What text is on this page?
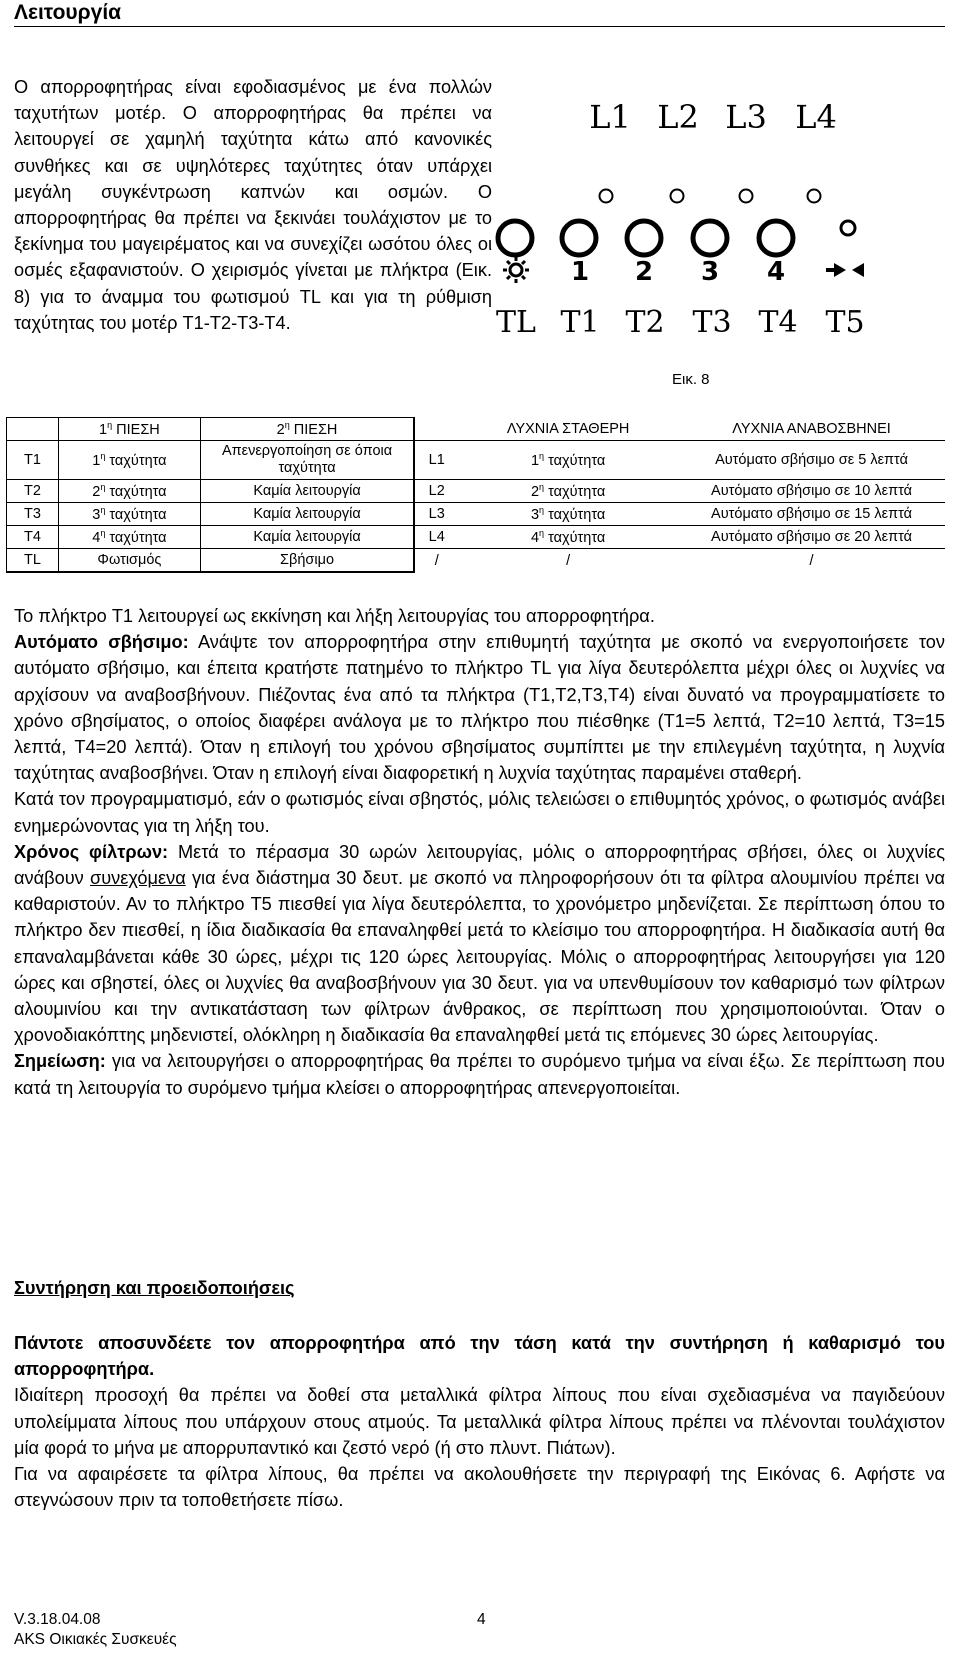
Λειτουργία
Ο απορροφητήρας είναι εφοδιασμένος με ένα πολλών ταχυτήτων μοτέρ. Ο απορροφητήρας θα πρέπει να λειτουργεί σε χαμηλή ταχύτητα κάτω από κανονικές συνθήκες και σε υψηλότερες ταχύτητες όταν υπάρχει μεγάλη συγκέντρωση καπνών και οσμών. Ο απορροφητήρας θα πρέπει να ξεκινάει τουλάχιστον με το ξεκίνημα του μαγειρέματος και να συνεχίζει ωσότου όλες οι οσμές εξαφανιστούν. Ο χειρισμός γίνεται με πλήκτρα (Εικ. 8) για το άναμμα του φωτισμού TL και για τη ρύθμιση ταχύτητας του μοτέρ T1-T2-T3-T4.
L1 L2 L3 L4
1 2 3 4
TL T1 T2 T3 T4 T5
Εικ. 8
	$1^\eta$ ΠΙΕΣΗ	$2^\eta$ ΠΙΕΣΗ		ΛΥΧΝΙΑ ΣΤΑΘΕΡΗ	ΛΥΧΝΙΑ ΑΝΑΒΟΣΒΗΝΕΙ
T1	$1^\eta$ ταχύτητα	Απενεργοποίηση σε όποια ταχύτητα	L1	$1^\eta$ ταχύτητα	Αυτόματο σβήσιμο σε 5 λεπτά
T2	$2^\eta$ ταχύτητα	Καμία λειτουργία	L2	$2^\eta$ ταχύτητα	Αυτόματο σβήσιμο σε 10 λεπτά
T3	$3^\eta$ ταχύτητα	Καμία λειτουργία	L3	$3^\eta$ ταχύτητα	Αυτόματο σβήσιμο σε 15 λεπτά
T4	$4^\eta$ ταχύτητα	Καμία λειτουργία	L4	$4^\eta$ ταχύτητα	Αυτόματο σβήσιμο σε 20 λεπτά
TL	Φωτισμός	Σβήσιμο	/	/	/

Το πλήκτρο T1 λειτουργεί ως εκκίνηση και λήξη λειτουργίας του απορροφητήρα.

Αυτόματο σβήσιμο: Ανάψτε τον απορροφητήρα στην επιθυμητή ταχύτητα με σκοπό να ενεργοποιήσετε τον αυτόματο σβήσιμο, και έπειτα κρατήστε πατημένο το πλήκτρο TL για λίγα δευτερόλεπτα μέχρι όλες οι λυχνίες να αρχίσουν να αναβοσβήνουν. Πιέζοντας ένα από τα πλήκτρα (T1,T2,T3,T4) είναι δυνατό να προγραμματίσετε το χρόνο σβησίματος, ο οποίος διαφέρει ανάλογα με το πλήκτρο που πιέσθηκε (T1=5 λεπτά, T2=10 λεπτά, T3=15 λεπτά, T4=20 λεπτά). Όταν η επιλογή του χρόνου σβησίματος συμπίπτει με την επιλεγμένη ταχύτητα, η λυχνία ταχύτητας αναβοσβήνει. Όταν η επιλογή είναι διαφορετική η λυχνία ταχύτητας παραμένει σταθερή.

Κατά τον προγραμματισμό, εάν ο φωτισμός είναι σβηστός, μόλις τελειώσει ο επιθυμητός χρόνος, ο φωτισμός ανάβει ενημερώνοντας για τη λήξη του.

Χρόνος φίλτρων: Μετά το πέρασμα 30 ωρών λειτουργίας, μόλις ο απορροφητήρας σβήσει, όλες οι λυχνίες ανάβουν συνεχόμενα για ένα διάστημα 30 δευτ. με σκοπό να πληροφορήσουν ότι τα φίλτρα αλουμινίου πρέπει να καθαριστούν. Αν το πλήκτρο T5 πιεσθεί για λίγα δευτερόλεπτα, το χρονόμετρο μηδενίζεται. Σε περίπτωση όπου το πλήκτρο δεν πιεσθεί, η ίδια διαδικασία θα επαναληφθεί μετά το κλείσιμο του απορροφητήρα. Η διαδικασία αυτή θα επαναλαμβάνεται κάθε 30 ώρες, μέχρι τις 120 ώρες λειτουργίας. Μόλις ο απορροφητήρας λειτουργήσει για 120 ώρες και σβηστεί, όλες οι λυχνίες θα αναβοσβήνουν για 30 δευτ. για να υπενθυμίσουν τον καθαρισμό των φίλτρων αλουμινίου και την αντικατάσταση των φίλτρων άνθρακος, σε περίπτωση που χρησιμοποιούνται. Όταν ο χρονοδιακόπτης μηδενιστεί, ολόκληρη η διαδικασία θα επαναληφθεί μετά τις επόμενες 30 ώρες λειτουργίας.

Σημείωση: για να λειτουργήσει ο απορροφητήρας θα πρέπει το συρόμενο τμήμα να είναι έξω. Σε περίπτωση που κατά τη λειτουργία το συρόμενο τμήμα κλείσει ο απορροφητήρας απενεργοποιείται.

Συντήρηση και προειδοποιήσεις

Πάντοτε αποσυνδέετε τον απορροφητήρα από την τάση κατά την συντήρηση ή καθαρισμό του απορροφητήρα.

Ιδιαίτερη προσοχή θα πρέπει να δοθεί στα μεταλλικά φίλτρα λίπους που είναι σχεδιασμένα να παγιδεύουν υπολείμματα λίπους που υπάρχουν στους ατμούς. Τα μεταλλικά φίλτρα λίπους πρέπει να πλένονται τουλάχιστον μία φορά το μήνα με απορρυπαντικό και ζεστό νερό (ή στο πλυντ. Πιάτων).

Για να αφαιρέσετε τα φίλτρα λίπους, θα πρέπει να ακολουθήσετε την περιγραφή της Εικόνας 6. Αφήστε να στεγνώσουν πριν τα τοποθετήσετε πίσω.

V.3.18.04.08
AKS Οικιακές Συσκευές
4
